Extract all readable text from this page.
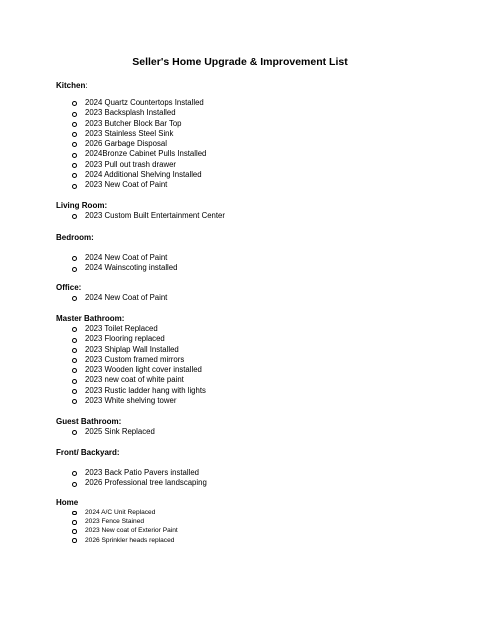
Seller's Home Upgrade & Improvement List
Kitchen:
2024 Quartz Countertops Installed
2023 Backsplash Installed
2023 Butcher Block Bar Top
2023 Stainless Steel Sink
2026 Garbage Disposal
2024Bronze Cabinet Pulls Installed
2023 Pull out trash drawer
2024 Additional Shelving Installed
2023 New Coat of Paint
Living Room:
2023 Custom Built Entertainment Center
Bedroom:
2024 New Coat of Paint
2024 Wainscoting installed
Office:
2024 New Coat of Paint
Master Bathroom:
2023 Toilet Replaced
2023 Flooring replaced
2023 Shiplap Wall Installed
2023 Custom framed mirrors
2023 Wooden light cover installed
2023 new coat of white paint
2023 Rustic ladder hang with lights
2023 White shelving tower
Guest Bathroom:
2025 Sink Replaced
Front/ Backyard:
2023 Back Patio Pavers installed
2026 Professional tree landscaping
Home
2024 A/C Unit Replaced
2023 Fence Stained
2023 New coat of Exterior Paint
2026 Sprinkler heads replaced
